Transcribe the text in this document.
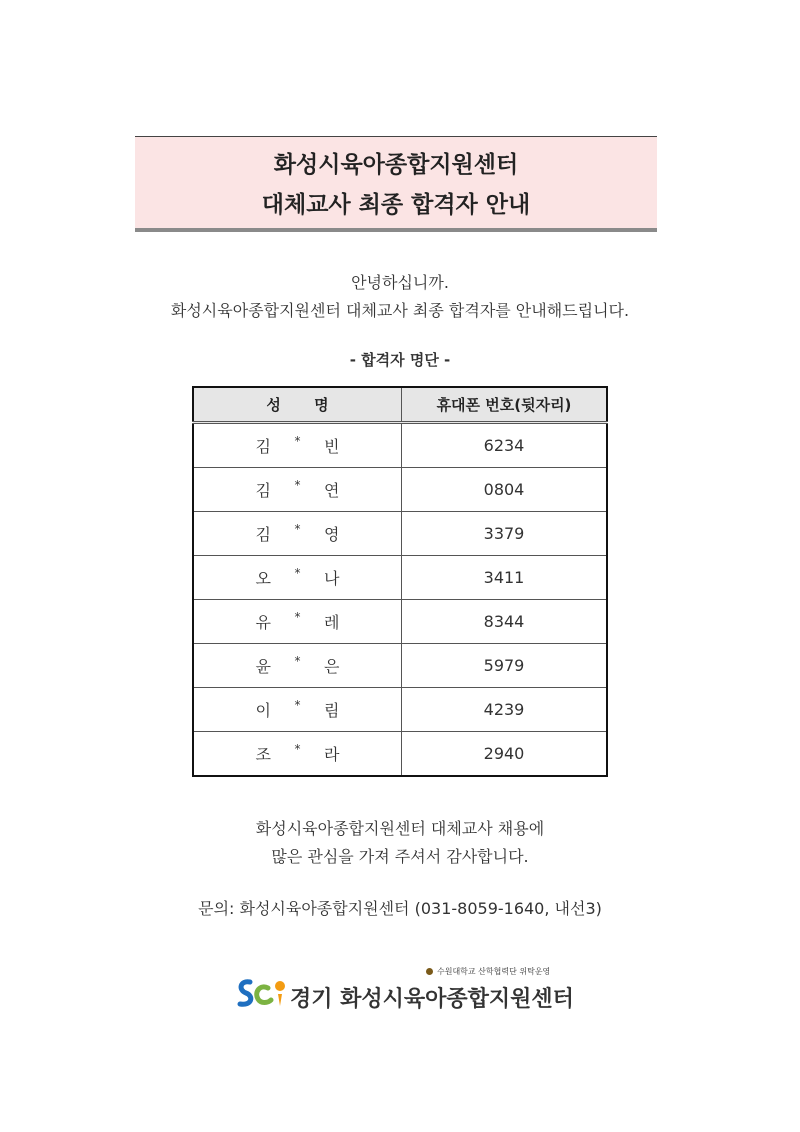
화성시육아종합지원센터
대체교사 최종 합격자 안내
안녕하십니까.
화성시육아종합지원센터 대체교사 최종 합격자를 안내해드립니다.
- 합격자 명단 -
성 명	휴대폰 번호(뒷자리)

김 * 빈	6234

김 * 연	0804

김 * 영	3379

오 * 나	3411

유 * 레	8344

윤 * 은	5979

이 * 림	4239

조 * 라	2940
화성시육아종합지원센터 대체교사 채용에
많은 관심을 가져 주셔서 감사합니다.
문의: 화성시육아종합지원센터 (031-8059-1640, 내선3)
수원대학교 산학협력단 위탁운영
경기 화성시육아종합지원센터
